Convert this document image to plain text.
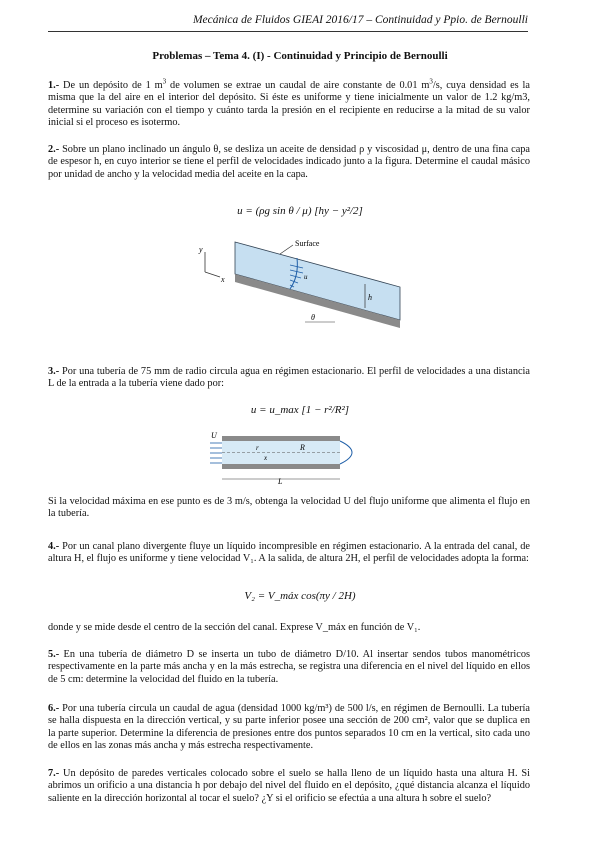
Mecánica de Fluidos GIEAI 2016/17 – Continuidad y Ppio. de Bernoulli
Problemas – Tema 4. (I) - Continuidad y Principio de Bernoulli
1.- De un depósito de 1 $m^3$ de volumen se extrae un caudal de aire constante de 0.01 $m^3/s$, cuya densidad es la misma que la del aire en el interior del depósito. Si éste es uniforme y tiene inicialmente un valor de 1.2 kg/m3, determine su variación con el tiempo y cuánto tarda la presión en el recipiente en reducirse a la mitad de su valor inicial si el proceso es isotermo.
2.- Sobre un plano inclinado un ángulo θ, se desliza un aceite de densidad ρ y viscosidad μ, dentro de una fina capa de espesor h, en cuyo interior se tiene el perfil de velocidades indicado junto a la figura. Determine el caudal másico por unidad de ancho y la velocidad media del aceite en la capa.
u = (ρg sin θ / μ) [hy − y²/2]
Surface
y
x	u
h
θ
3.- Por una tubería de 75 mm de radio circula agua en régimen estacionario. El perfil de velocidades a una distancia L de la entrada a la tubería viene dado por:
u = u_max [1 − r²/R²]
U
r
x
R
L
Si la velocidad máxima en ese punto es de 3 m/s, obtenga la velocidad U del flujo uniforme que alimenta el flujo en la tubería.
4.- Por un canal plano divergente fluye un líquido incompresible en régimen estacionario. A la entrada del canal, de altura H, el flujo es uniforme y tiene velocidad V₁. A la salida, de altura 2H, el perfil de velocidades adopta la forma:
V₂ = V_máx cos(πy / 2H)
donde y se mide desde el centro de la sección del canal. Exprese V_máx en función de V₁.
5.- En una tubería de diámetro D se inserta un tubo de diámetro D/10. Al insertar sendos tubos manométricos respectivamente en la parte más ancha y en la más estrecha, se registra una diferencia en el nivel del líquido en ellos de 5 cm: determine la velocidad del fluido en la tubería.
6.- Por una tubería circula un caudal de agua (densidad 1000 kg/m³) de 500 l/s, en régimen de Bernoulli. La tubería se halla dispuesta en la dirección vertical, y su parte inferior posee una sección de 200 cm², valor que se duplica en la parte superior. Determine la diferencia de presiones entre dos puntos separados 10 cm en la vertical, sito cada uno de ellos en las zonas más ancha y más estrecha respectivamente.
7.- Un depósito de paredes verticales colocado sobre el suelo se halla lleno de un líquido hasta una altura H. Si abrimos un orificio a una distancia h por debajo del nivel del fluido en el depósito, ¿qué distancia alcanza el líquido saliente en la dirección horizontal al tocar el suelo? ¿Y si el orificio se efectúa a una altura h sobre el suelo?
